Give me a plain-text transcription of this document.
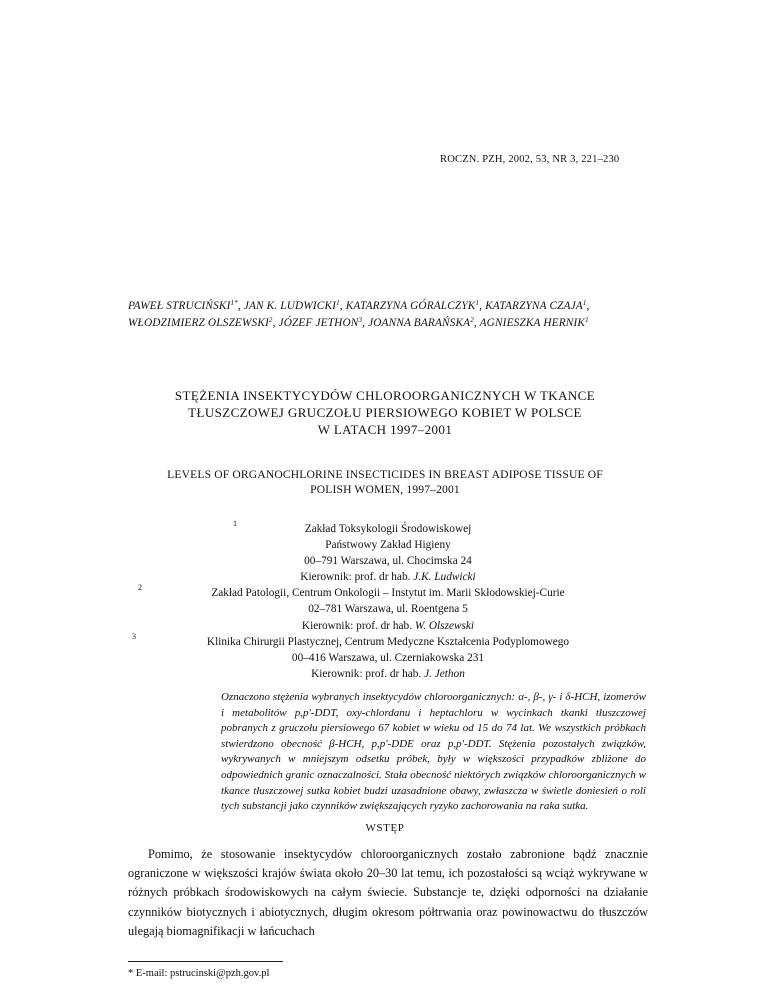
ROCZN. PZH, 2002, 53, NR 3, 221–230
PAWEŁ $STRUCIŃSKI^{1*}$, JAN K. LUDWICKI$^1$, KATARZYNA GÓRALCZYK$^1$, KATARZYNA CZAJA$^1$, WŁODZIMIERZ OLSZEWSKI$^2$, JÓZEF JETHON$^3$, JOANNA BARAŃSKA$^2$, AGNIESZKA HERNIK$^1$
STĘŻENIA INSEKTYCYDÓW CHLOROORGANICZNYCH W TKANCE
TŁUSZCZOWEJ GRUCZOŁU PIERSIOWEGO KOBIET W POLSCE
W LATACH 1997–2001
LEVELS OF ORGANOCHLORINE INSECTICIDES IN BREAST ADIPOSE TISSUE OF
POLISH WOMEN, 1997–2001
1	Zakład Toksykologii Środowiskowej
Państwowy Zakład Higieny
00–791 Warszawa, ul. Chocimska 24
Kierownik: prof. dr hab. J.K. Ludwicki
2	Zakład Patologii, Centrum Onkologii – Instytut im. Marii Skłodowskiej-Curie
02–781 Warszawa, ul. Roentgena 5
Kierownik: prof. dr hab. W. Olszewski
3	Klinika Chirurgii Plastycznej, Centrum Medyczne Kształcenia Podyplomowego
00–416 Warszawa, ul. Czerniakowska 231
Kierownik: prof. dr hab. J. Jethon
Oznaczono stężenia wybranych insektycydów chloroorganicznych: α-, β-, γ- i δ-HCH, izomerów i metabolitów p,p'-DDT, oxy-chlordanu i heptachloru w wycinkach tkanki tłuszczowej pobranych z gruczołu piersiowego 67 kobiet w wieku od 15 do 74 lat. We wszystkich próbkach stwierdzono obecność β-HCH, p,p'-DDE oraz p,p'-DDT. Stężenia pozostałych związków, wykrywanych w mniejszym odsetku próbek, były w większości przypadków zbliżone do odpowiednich granic oznaczalności. Stała obecność niektórych związków chloroorganicznych w tkance tłuszczowej sutka kobiet budzi uzasadnione obawy, zwłaszcza w świetle doniesień o roli tych substancji jako czynników zwiększających ryzyko zachorowania na raka sutka.
WSTĘP
Pomimo, że stosowanie insektycydów chloroorganicznych zostało zabronione bądź znacznie ograniczone w większości krajów świata około 20–30 lat temu, ich pozostałości są wciąż wykrywane w różnych próbkach środowiskowych na całym świecie. Substancje te, dzięki odporności na działanie czynników biotycznych i abiotycznych, długim okresom półtrwania oraz powinowactwu do tłuszczów ulegają biomagnifikacji w łańcuchach
* E-mail: pstrucinski@pzh.gov.pl
